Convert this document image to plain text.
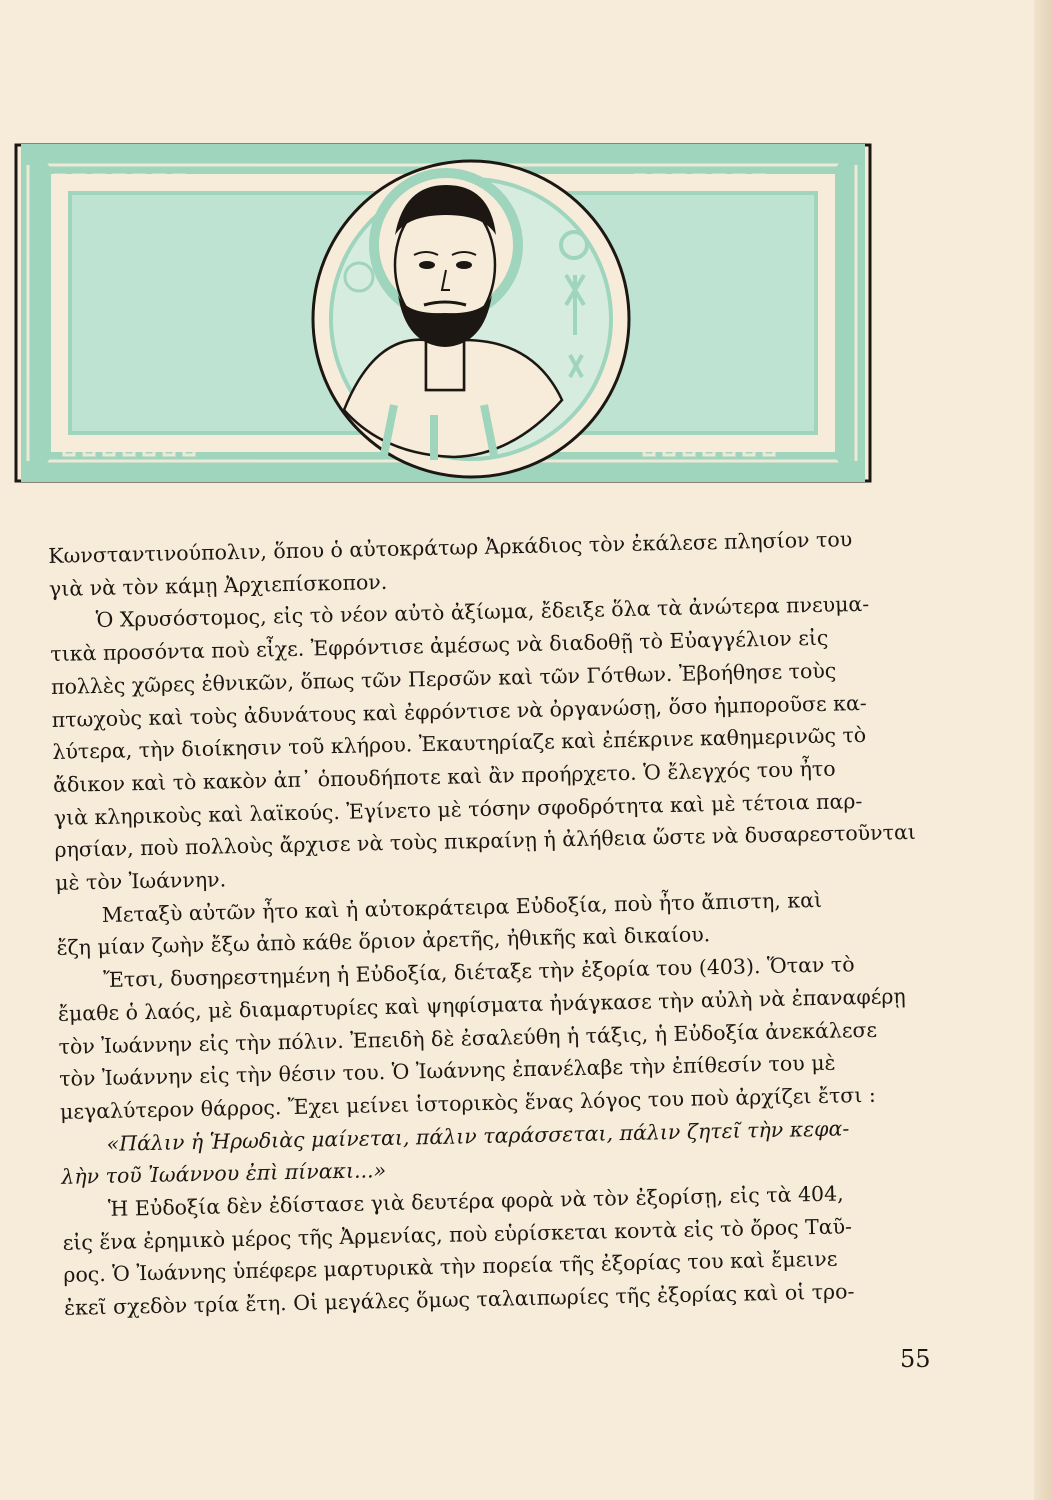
Κωνσταντινούπολιν, ὅπου ὁ αὐτοκράτωρ Ἀρκάδιος τὸν ἐκάλεσε πλησίον του
γιὰ νὰ τὸν κάμῃ Ἀρχιεπίσκοπον.

Ὁ Χρυσόστομος, εἰς τὸ νέον αὐτὸ ἀξίωμα, ἔδειξε ὅλα τὰ ἀνώτερα πνευμα-
τικὰ προσόντα ποὺ εἶχε. Ἐφρόντισε ἀμέσως νὰ διαδοθῇ τὸ Εὐαγγέλιον εἰς
πολλὲς χῶρες ἐθνικῶν, ὅπως τῶν Περσῶν καὶ τῶν Γότθων. Ἐβοήθησε τοὺς
πτωχοὺς καὶ τοὺς ἀδυνάτους καὶ ἐφρόντισε νὰ ὀργανώσῃ, ὅσο ἠμποροῦσε κα-
λύτερα, τὴν διοίκησιν τοῦ κλήρου. Ἐκαυτηρίαζε καὶ ἐπέκρινε καθημερινῶς τὸ
ἄδικον καὶ τὸ κακὸν ἀπ᾽ ὁπουδήποτε καὶ ἂν προήρχετο. Ὁ ἔλεγχός του ἦτο
γιὰ κληρικοὺς καὶ λαϊκούς. Ἐγίνετο μὲ τόσην σφοδρότητα καὶ μὲ τέτοια παρ-
ρησίαν, ποὺ πολλοὺς ἄρχισε νὰ τοὺς πικραίνῃ ἡ ἀλήθεια ὥστε νὰ δυσαρεστοῦνται
μὲ τὸν Ἰωάννην.

Μεταξὺ αὐτῶν ἦτο καὶ ἡ αὐτοκράτειρα Εὐδοξία, ποὺ ἦτο ἄπιστη, καὶ
ἔζη μίαν ζωὴν ἔξω ἀπὸ κάθε ὅριον ἀρετῆς, ἠθικῆς καὶ δικαίου.

Ἔτσι, δυσηρεστημένη ἡ Εὐδοξία, διέταξε τὴν ἐξορία του (403). Ὅταν τὸ
ἔμαθε ὁ λαός, μὲ διαμαρτυρίες καὶ ψηφίσματα ἠνάγκασε τὴν αὐλὴ νὰ ἐπαναφέρῃ
τὸν Ἰωάννην εἰς τὴν πόλιν. Ἐπειδὴ δὲ ἐσαλεύθη ἡ τάξις, ἡ Εὐδοξία ἀνεκάλεσε
τὸν Ἰωάννην εἰς τὴν θέσιν του. Ὁ Ἰωάννης ἐπανέλαβε τὴν ἐπίθεσίν του μὲ
μεγαλύτερον θάρρος. Ἔχει μείνει ἱστορικὸς ἕνας λόγος του ποὺ ἀρχίζει ἔτσι :

«Πάλιν ἡ Ἡρωδιὰς μαίνεται, πάλιν ταράσσεται, πάλιν ζητεῖ τὴν κεφα-
λὴν τοῦ Ἰωάννου ἐπὶ πίνακι...»

Ἡ Εὐδοξία δὲν ἐδίστασε γιὰ δευτέρα φορὰ νὰ τὸν ἐξορίσῃ, εἰς τὰ 404,
εἰς ἕνα ἐρημικὸ μέρος τῆς Ἀρμενίας, ποὺ εὑρίσκεται κοντὰ εἰς τὸ ὄρος Ταῦ-
ρος. Ὁ Ἰωάννης ὑπέφερε μαρτυρικὰ τὴν πορεία τῆς ἐξορίας του καὶ ἔμεινε
ἐκεῖ σχεδὸν τρία ἔτη. Οἱ μεγάλες ὅμως ταλαιπωρίες τῆς ἐξορίας καὶ οἱ τρο-

55
